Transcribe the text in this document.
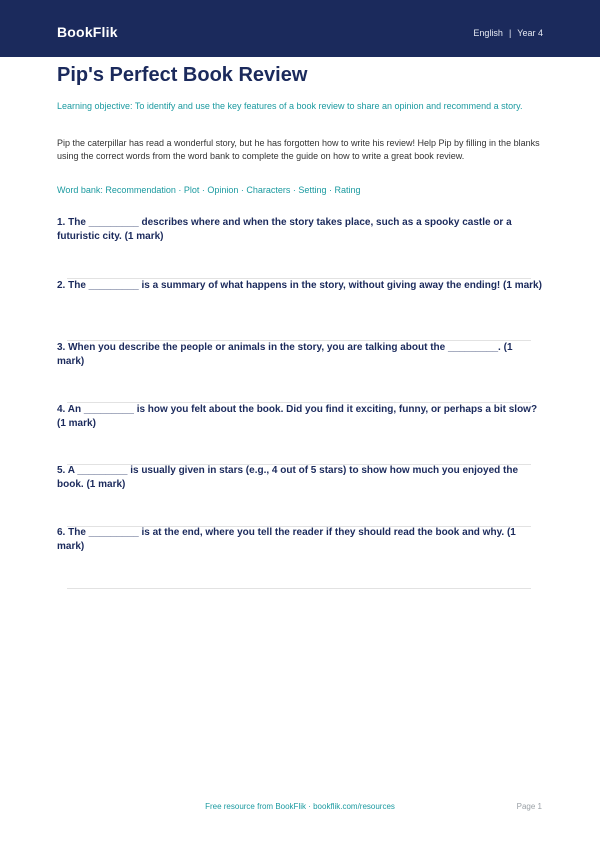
BookFlik	English | Year 4
Pip's Perfect Book Review
Learning objective: To identify and use the key features of a book review to share an opinion and recommend a story.
Pip the caterpillar has read a wonderful story, but he has forgotten how to write his review! Help Pip by filling in the blanks using the correct words from the word bank to complete the guide on how to write a great book review.
Word bank: Recommendation · Plot · Opinion · Characters · Setting · Rating
1. The _________ describes where and when the story takes place, such as a spooky castle or a futuristic city. (1 mark)
2. The _________ is a summary of what happens in the story, without giving away the ending! (1 mark)
3. When you describe the people or animals in the story, you are talking about the _________. (1 mark)
4. An _________ is how you felt about the book. Did you find it exciting, funny, or perhaps a bit slow? (1 mark)
5. A _________ is usually given in stars (e.g., 4 out of 5 stars) to show how much you enjoyed the book. (1 mark)
6. The _________ is at the end, where you tell the reader if they should read the book and why. (1 mark)
Free resource from BookFlik · bookflik.com/resources	Page 1
